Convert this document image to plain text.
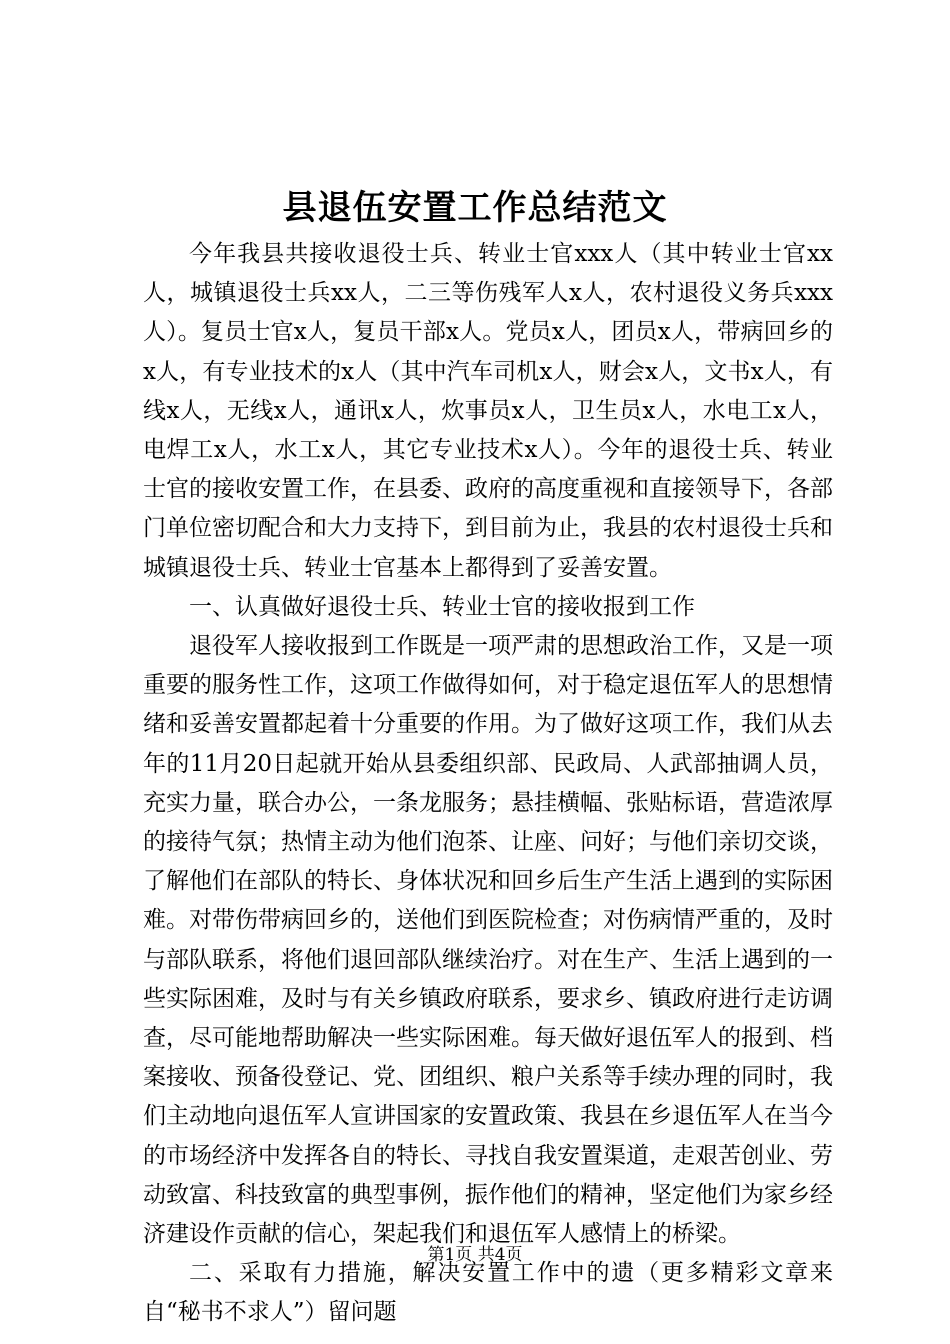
县退伍安置工作总结范文

今年我县共接收退役士兵、转业士官xxx人（其中转业士官xx人，城镇退役士兵xx人，二三等伤残军人x人，农村退役义务兵xxx人）。复员士官x人，复员干部x人。党员x人，团员x人，带病回乡的x人，有专业技术的x人（其中汽车司机x人，财会x人，文书x人，有线x人，无线x人，通讯x人，炊事员x人，卫生员x人，水电工x人，电焊工x人，水工x人，其它专业技术x人）。今年的退役士兵、转业士官的接收安置工作，在县委、政府的高度重视和直接领导下，各部门单位密切配合和大力支持下，到目前为止，我县的农村退役士兵和城镇退役士兵、转业士官基本上都得到了妥善安置。

一、认真做好退役士兵、转业士官的接收报到工作

退役军人接收报到工作既是一项严肃的思想政治工作，又是一项重要的服务性工作，这项工作做得如何，对于稳定退伍军人的思想情绪和妥善安置都起着十分重要的作用。为了做好这项工作，我们从去年的11月20日起就开始从县委组织部、民政局、人武部抽调人员，充实力量，联合办公，一条龙服务；悬挂横幅、张贴标语，营造浓厚的接待气氛；热情主动为他们泡茶、让座、问好；与他们亲切交谈，了解他们在部队的特长、身体状况和回乡后生产生活上遇到的实际困难。对带伤带病回乡的，送他们到医院检查；对伤病情严重的，及时与部队联系，将他们退回部队继续治疗。对在生产、生活上遇到的一些实际困难，及时与有关乡镇政府联系，要求乡、镇政府进行走访调查，尽可能地帮助解决一些实际困难。每天做好退伍军人的报到、档案接收、预备役登记、党、团组织、粮户关系等手续办理的同时，我们主动地向退伍军人宣讲国家的安置政策、我县在乡退伍军人在当今的市场经济中发挥各自的特长、寻找自我安置渠道，走艰苦创业、劳动致富、科技致富的典型事例，振作他们的精神，坚定他们为家乡经济建设作贡献的信心，架起我们和退伍军人感情上的桥梁。

二、采取有力措施，解决安置工作中的遗（更多精彩文章来自“秘书不求人”）留问题

第1页 共4页
